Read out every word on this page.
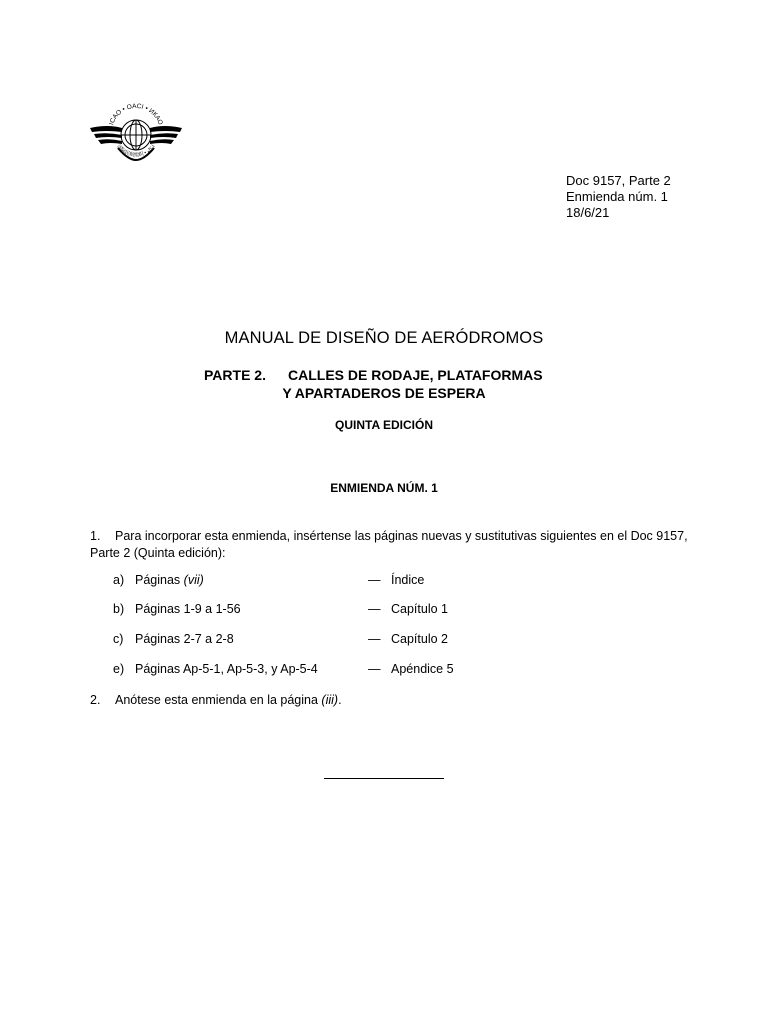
ICAO • OACI • ИКАО
国际民航组织 • ايكاو
Doc 9157, Parte 2
Enmienda núm. 1
18/6/21
MANUAL DE DISEÑO DE AERÓDROMOS
PARTE 2. CALLES DE RODAJE, PLATAFORMAS
Y APARTADEROS DE ESPERA
QUINTA EDICIÓN
ENMIENDA NÚM. 1
1. Para incorporar esta enmienda, insértense las páginas nuevas y sustitutivas siguientes en el Doc 9157,
Parte 2 (Quinta edición):
a) Páginas (vii)	— Índice
b) Páginas 1-9 a 1-56	— Capítulo 1
c) Páginas 2-7 a 2-8	— Capítulo 2
e) Páginas Ap-5-1, Ap-5-3, y Ap-5-4	— Apéndice 5
2. Anótese esta enmienda en la página (iii).
